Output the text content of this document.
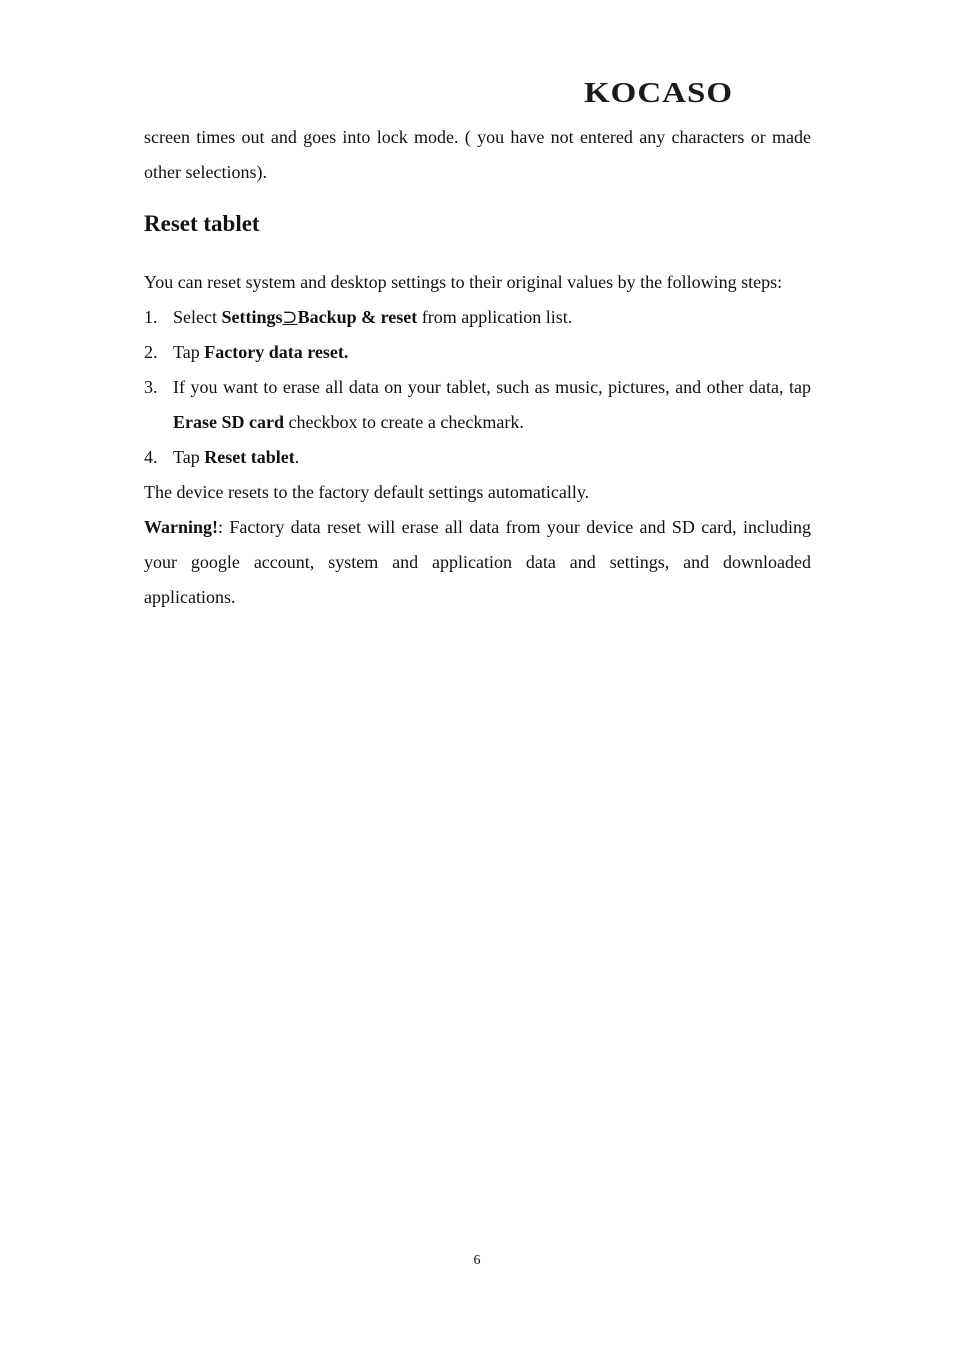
KOCASO

screen times out and goes into lock mode. ( you have not entered any characters or made other selections).

Reset tablet

You can reset system and desktop settings to their original values by the following steps:

1. Select Settings⊃Backup & reset from application list.
2. Tap Factory data reset.
3. If you want to erase all data on your tablet, such as music, pictures, and other data, tap Erase SD card checkbox to create a checkmark.
4. Tap Reset tablet.

The device resets to the factory default settings automatically.

Warning!: Factory data reset will erase all data from your device and SD card, including your google account, system and application data and settings, and downloaded applications.

6
